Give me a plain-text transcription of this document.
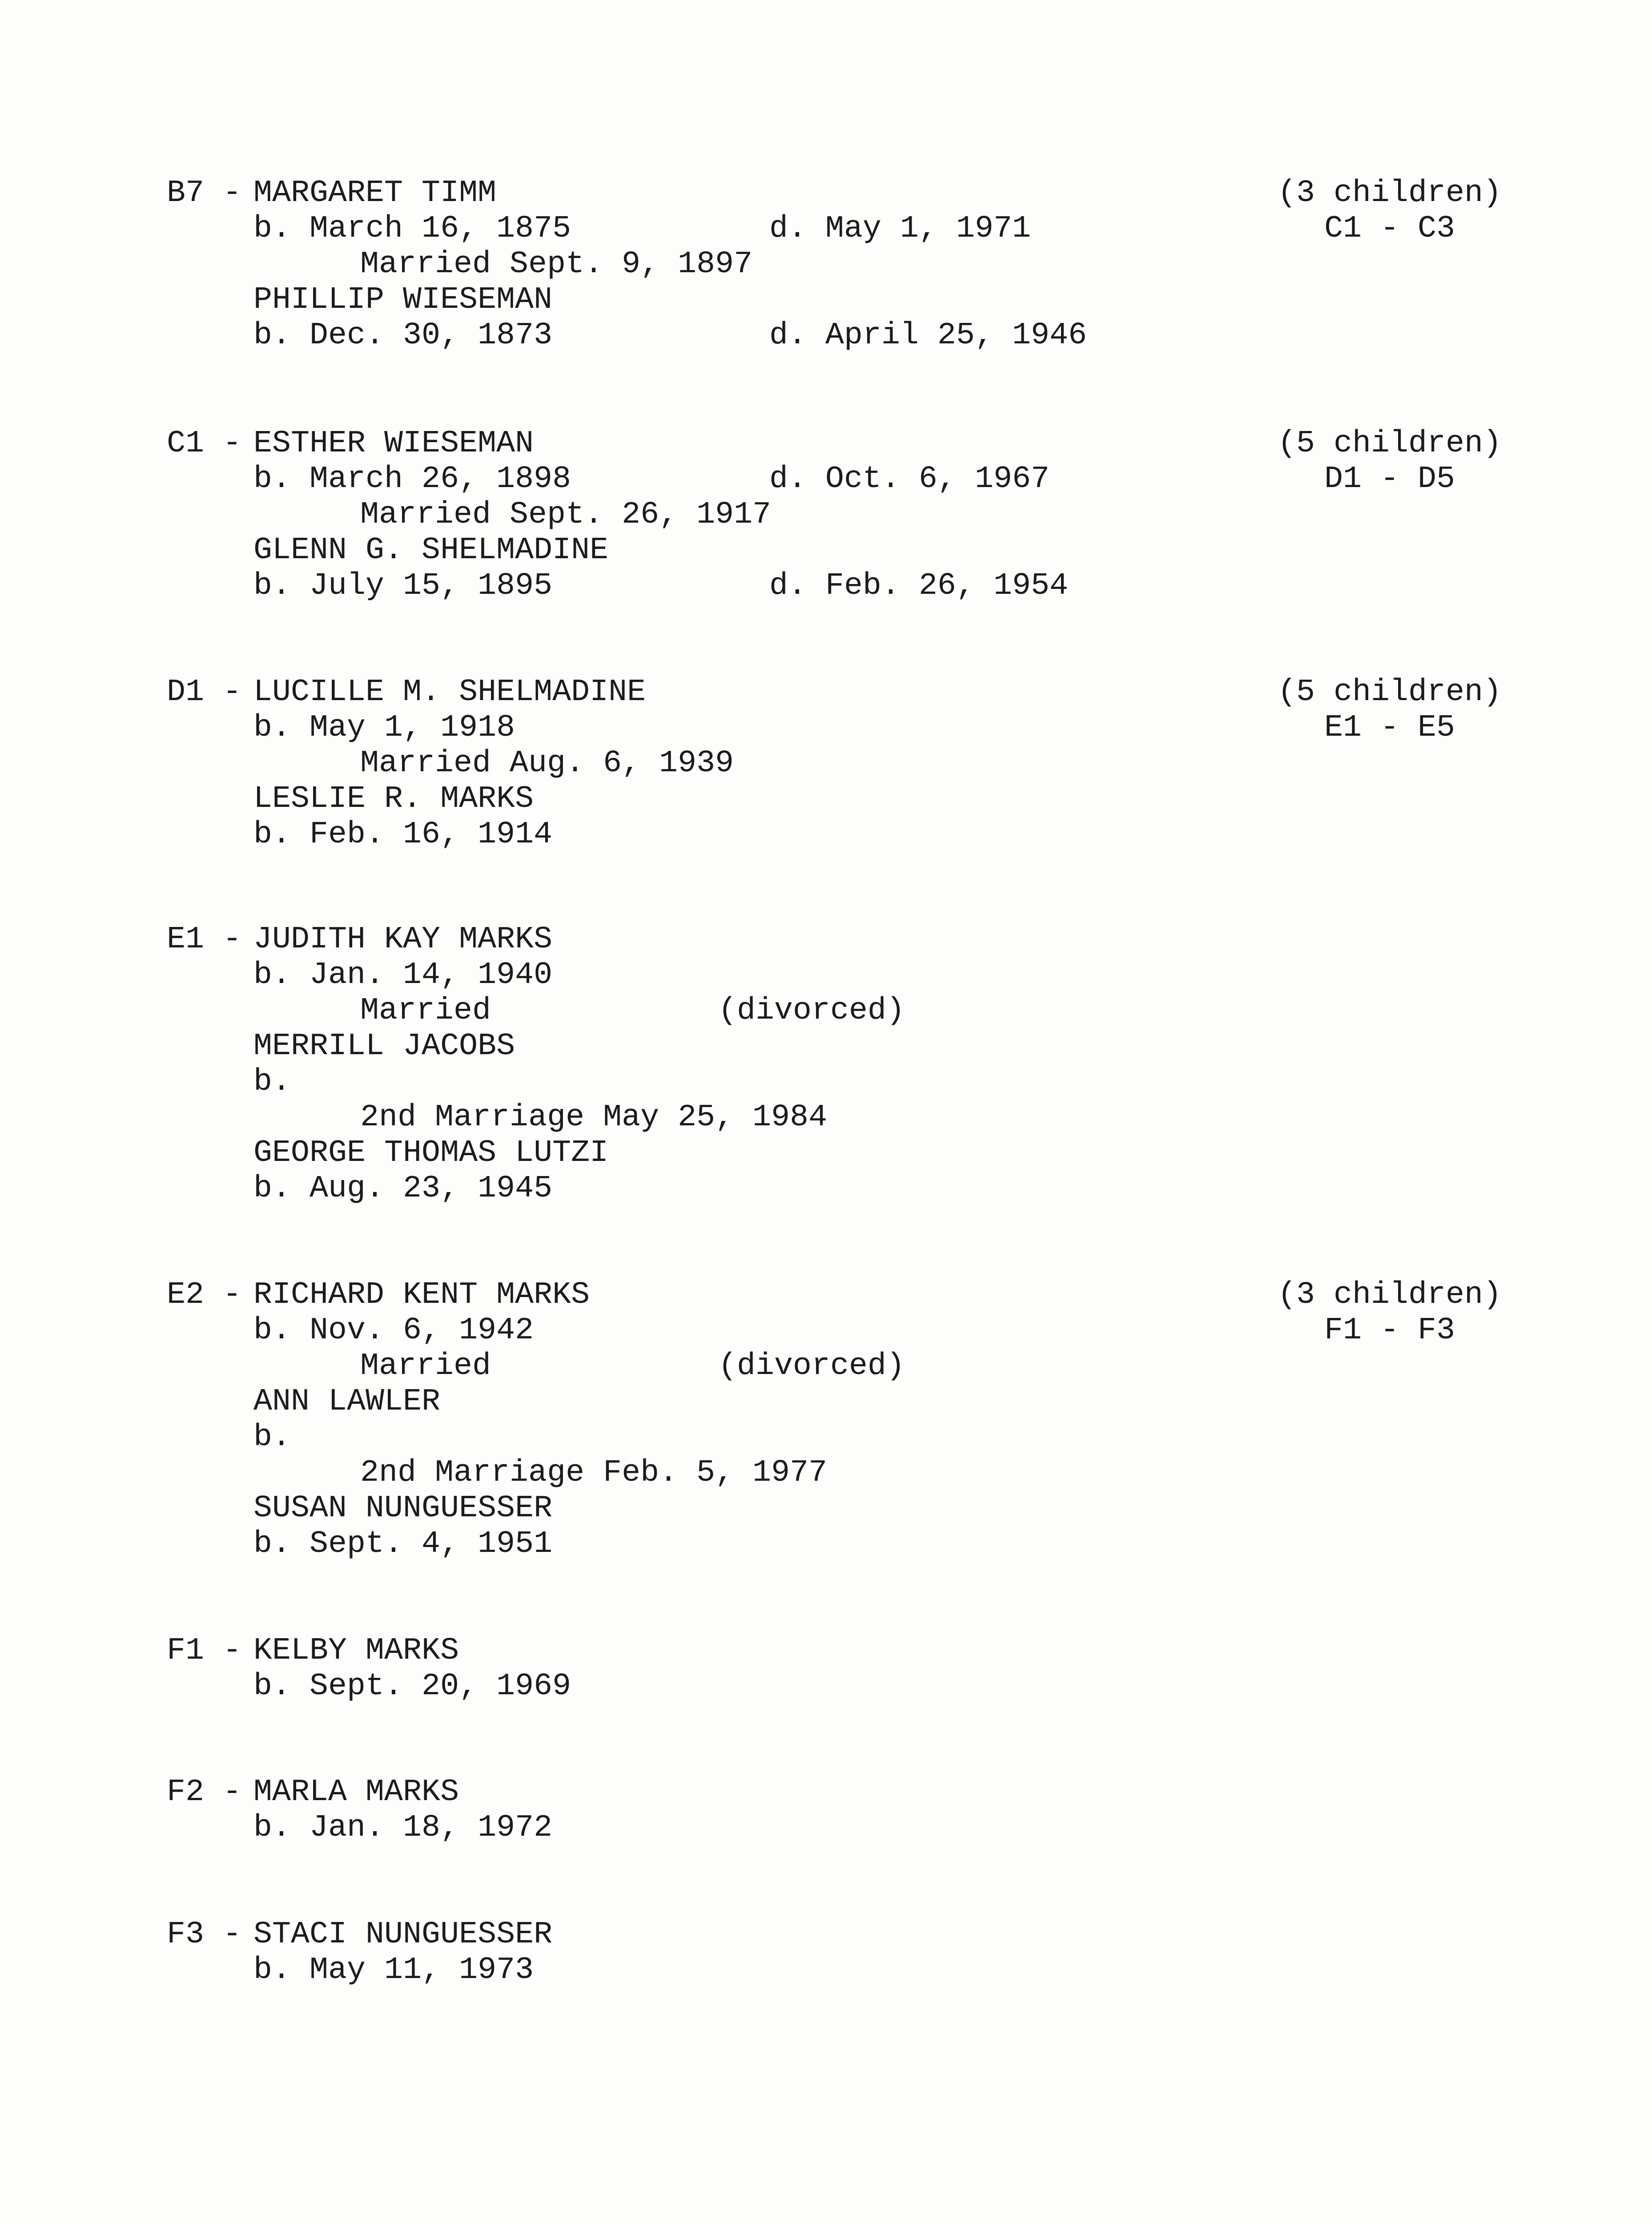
B7 - MARGARET TIMM
b. March 16, 1875	d. May 1, 1971
Married Sept. 9, 1897
PHILLIP WIESEMAN
b. Dec. 30, 1873	d. April 25, 1946
(3 children)
C1 - C3
C1 - ESTHER WIESEMAN
b. March 26, 1898	d. Oct. 6, 1967
Married Sept. 26, 1917
GLENN G. SHELMADINE
b. July 15, 1895	d. Feb. 26, 1954
(5 children)
D1 - D5
D1 - LUCILLE M. SHELMADINE
b. May 1, 1918
Married Aug. 6, 1939
LESLIE R. MARKS
b. Feb. 16, 1914
(5 children)
E1 - E5
E1 - JUDITH KAY MARKS
b. Jan. 14, 1940
Married	(divorced)
MERRILL JACOBS
b.
2nd Marriage May 25, 1984
GEORGE THOMAS LUTZI
b. Aug. 23, 1945
E2 - RICHARD KENT MARKS
b. Nov. 6, 1942
Married	(divorced)
ANN LAWLER
b.
2nd Marriage Feb. 5, 1977
SUSAN NUNGUESSER
b. Sept. 4, 1951
(3 children)
F1 - F3
F1 - KELBY MARKS
b. Sept. 20, 1969
F2 - MARLA MARKS
b. Jan. 18, 1972
F3 - STACI NUNGUESSER
b. May 11, 1973
